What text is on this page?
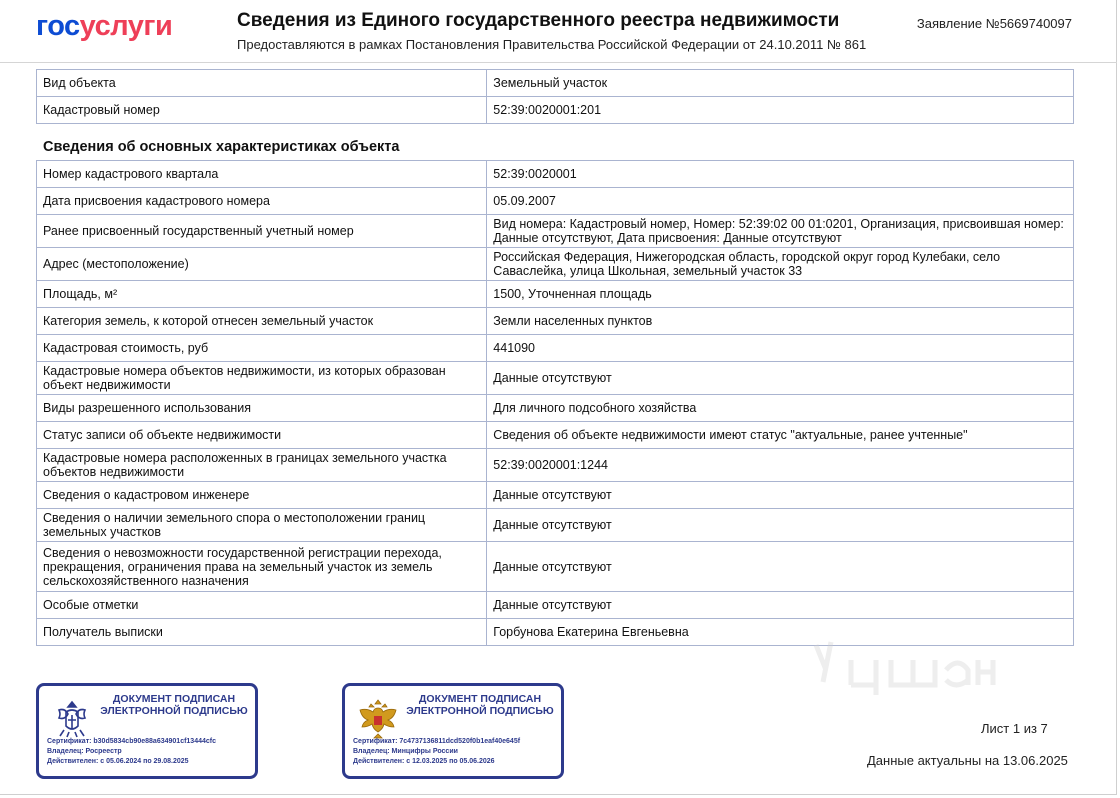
госуслуги	Сведения из Единого государственного реестра недвижимости
Предоставляются в рамках Постановления Правительства Российской Федерации от 24.10.2011 № 861
Заявление №5669740097
Вид объекта	Земельный участок
Кадастровый номер	52:39:0020001:201
Сведения об основных характеристиках объекта
Номер кадастрового квартала	52:39:0020001
Дата присвоения кадастрового номера	05.09.2007
Ранее присвоенный государственный учетный номер	Вид номера: Кадастровый номер, Номер: 52:39:02 00 01:0201, Организация, присвоившая номер: Данные отсутствуют, Дата присвоения: Данные отсутствуют
Адрес (местоположение)	Российская Федерация, Нижегородская область, городской округ город Кулебаки, село Саваслейка, улица Школьная, земельный участок 33
Площадь, м²	1500, Уточненная площадь
Категория земель, к которой отнесен земельный участок	Земли населенных пунктов
Кадастровая стоимость, руб	441090
Кадастровые номера объектов недвижимости, из которых образован объект недвижимости	Данные отсутствуют
Виды разрешенного использования	Для личного подсобного хозяйства
Статус записи об объекте недвижимости	Сведения об объекте недвижимости имеют статус "актуальные, ранее учтенные"
Кадастровые номера расположенных в границах земельного участка объектов недвижимости	52:39:0020001:1244
Сведения о кадастровом инженере	Данные отсутствуют
Сведения о наличии земельного спора о местоположении границ земельных участков	Данные отсутствуют
Сведения о невозможности государственной регистрации перехода, прекращения, ограничения права на земельный участок из земель сельскохозяйственного назначения	Данные отсутствуют
Особые отметки	Данные отсутствуют
Получатель выписки	Горбунова Екатерина Евгеньевна
ДОКУМЕНТ ПОДПИСАН ЭЛЕКТРОННОЙ ПОДПИСЬЮ
Сертификат: b30d5834cb90e88a634901cf13444cfc
Владелец: Росреестр
Действителен: с 05.06.2024 по 29.08.2025
ДОКУМЕНТ ПОДПИСАН ЭЛЕКТРОННОЙ ПОДПИСЬЮ
Сертификат: 7c4737136811dcd520f0b1eaf40e645f
Владелец: Минцифры России
Действителен: с 12.03.2025 по 05.06.2026
Лист 1 из 7
Данные актуальны на 13.06.2025
